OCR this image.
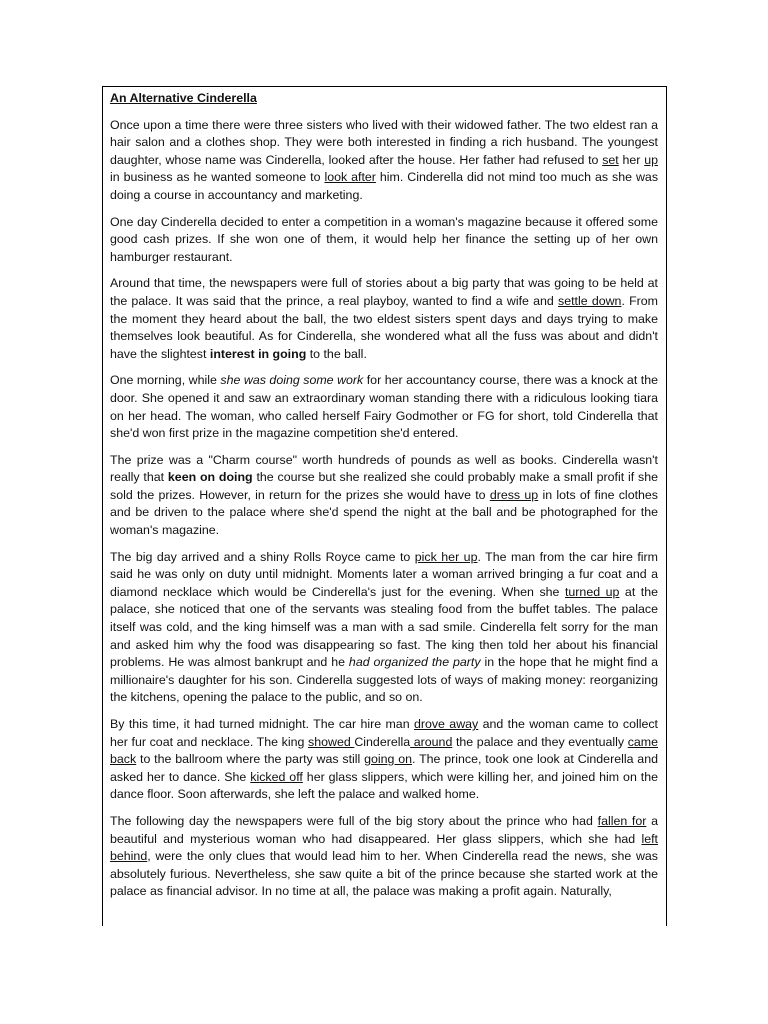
An Alternative Cinderella

Once upon a time there were three sisters who lived with their widowed father. The two eldest ran a hair salon and a clothes shop. They were both interested in finding a rich husband. The youngest daughter, whose name was Cinderella, looked after the house. Her father had refused to set her up in business as he wanted someone to look after him. Cinderella did not mind too much as she was doing a course in accountancy and marketing.

One day Cinderella decided to enter a competition in a woman's magazine because it offered some good cash prizes. If she won one of them, it would help her finance the setting up of her own hamburger restaurant.

Around that time, the newspapers were full of stories about a big party that was going to be held at the palace. It was said that the prince, a real playboy, wanted to find a wife and settle down. From the moment they heard about the ball, the two eldest sisters spent days and days trying to make themselves look beautiful. As for Cinderella, she wondered what all the fuss was about and didn't have the slightest interest in going to the ball.

One morning, while she was doing some work for her accountancy course, there was a knock at the door. She opened it and saw an extraordinary woman standing there with a ridiculous looking tiara on her head. The woman, who called herself Fairy Godmother or FG for short, told Cinderella that she'd won first prize in the magazine competition she'd entered.

The prize was a "Charm course" worth hundreds of pounds as well as books. Cinderella wasn't really that keen on doing the course but she realized she could probably make a small profit if she sold the prizes. However, in return for the prizes she would have to dress up in lots of fine clothes and be driven to the palace where she'd spend the night at the ball and be photographed for the woman's magazine.

The big day arrived and a shiny Rolls Royce came to pick her up. The man from the car hire firm said he was only on duty until midnight. Moments later a woman arrived bringing a fur coat and a diamond necklace which would be Cinderella's just for the evening. When she turned up at the palace, she noticed that one of the servants was stealing food from the buffet tables. The palace itself was cold, and the king himself was a man with a sad smile. Cinderella felt sorry for the man and asked him why the food was disappearing so fast. The king then told her about his financial problems. He was almost bankrupt and he had organized the party in the hope that he might find a millionaire's daughter for his son. Cinderella suggested lots of ways of making money: reorganizing the kitchens, opening the palace to the public, and so on.

By this time, it had turned midnight. The car hire man drove away and the woman came to collect her fur coat and necklace. The king showed Cinderella around the palace and they eventually came back to the ballroom where the party was still going on. The prince, took one look at Cinderella and asked her to dance. She kicked off her glass slippers, which were killing her, and joined him on the dance floor. Soon afterwards, she left the palace and walked home.

The following day the newspapers were full of the big story about the prince who had fallen for a beautiful and mysterious woman who had disappeared. Her glass slippers, which she had left behind, were the only clues that would lead him to her. When Cinderella read the news, she was absolutely furious. Nevertheless, she saw quite a bit of the prince because she started work at the palace as financial advisor. In no time at all, the palace was making a profit again. Naturally,
